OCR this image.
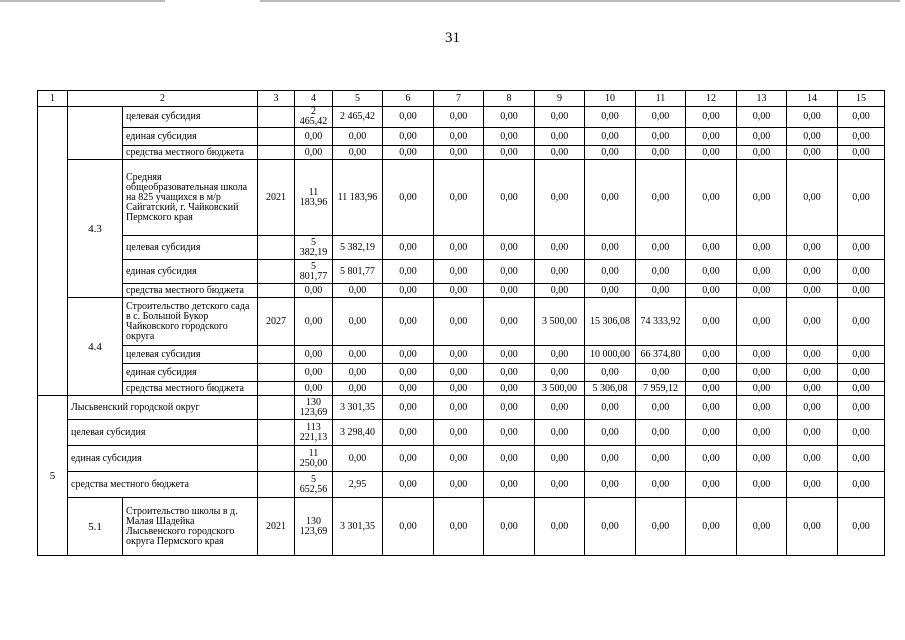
31
1	2		3	4	5	6	7	8	9	10	11	12	13	14	15
		целевая субсидия		2 465,42	2 465,42	0,00	0,00	0,00	0,00	0,00	0,00	0,00	0,00	0,00	0,00
		единая субсидия		0,00	0,00	0,00	0,00	0,00	0,00	0,00	0,00	0,00	0,00	0,00	0,00
		средства местного бюджета		0,00	0,00	0,00	0,00	0,00	0,00	0,00	0,00	0,00	0,00	0,00	0,00
	4.3	Средняя общеобразовательная школа на 825 учащихся в м/р Сайгатский, г. Чайковский Пермского края	2021	11 183,96	11 183,96	0,00	0,00	0,00	0,00	0,00	0,00	0,00	0,00	0,00	0,00
		целевая субсидия		5 382,19	5 382,19	0,00	0,00	0,00	0,00	0,00	0,00	0,00	0,00	0,00	0,00
		единая субсидия		5 801,77	5 801,77	0,00	0,00	0,00	0,00	0,00	0,00	0,00	0,00	0,00	0,00
		средства местного бюджета		0,00	0,00	0,00	0,00	0,00	0,00	0,00	0,00	0,00	0,00	0,00	0,00
	4.4	Строительство детского сада в с. Большой Букор Чайковского городского округа	2027	0,00	0,00	0,00	0,00	0,00	3 500,00	15 306,08	74 333,92	0,00	0,00	0,00	0,00
		целевая субсидия		0,00	0,00	0,00	0,00	0,00	0,00	10 000,00	66 374,80	0,00	0,00	0,00	0,00
		единая субсидия		0,00	0,00	0,00	0,00	0,00	0,00	0,00	0,00	0,00	0,00	0,00	0,00
		средства местного бюджета		0,00	0,00	0,00	0,00	0,00	3 500,00	5 306,08	7 959,12	0,00	0,00	0,00	0,00
5	Лысьвенский городской округ			130 123,69	3 301,35	0,00	0,00	0,00	0,00	0,00	0,00	0,00	0,00	0,00	0,00
	целевая субсидия			113 221,13	3 298,40	0,00	0,00	0,00	0,00	0,00	0,00	0,00	0,00	0,00	0,00
	единая субсидия			11 250,00	0,00	0,00	0,00	0,00	0,00	0,00	0,00	0,00	0,00	0,00	0,00
	средства местного бюджета			5 652,56	2,95	0,00	0,00	0,00	0,00	0,00	0,00	0,00	0,00	0,00	0,00
	5.1	Строительство школы в д. Малая Шадейка Лысьвенского городского округа Пермского края	2021	130 123,69	3 301,35	0,00	0,00	0,00	0,00	0,00	0,00	0,00	0,00	0,00	0,00
